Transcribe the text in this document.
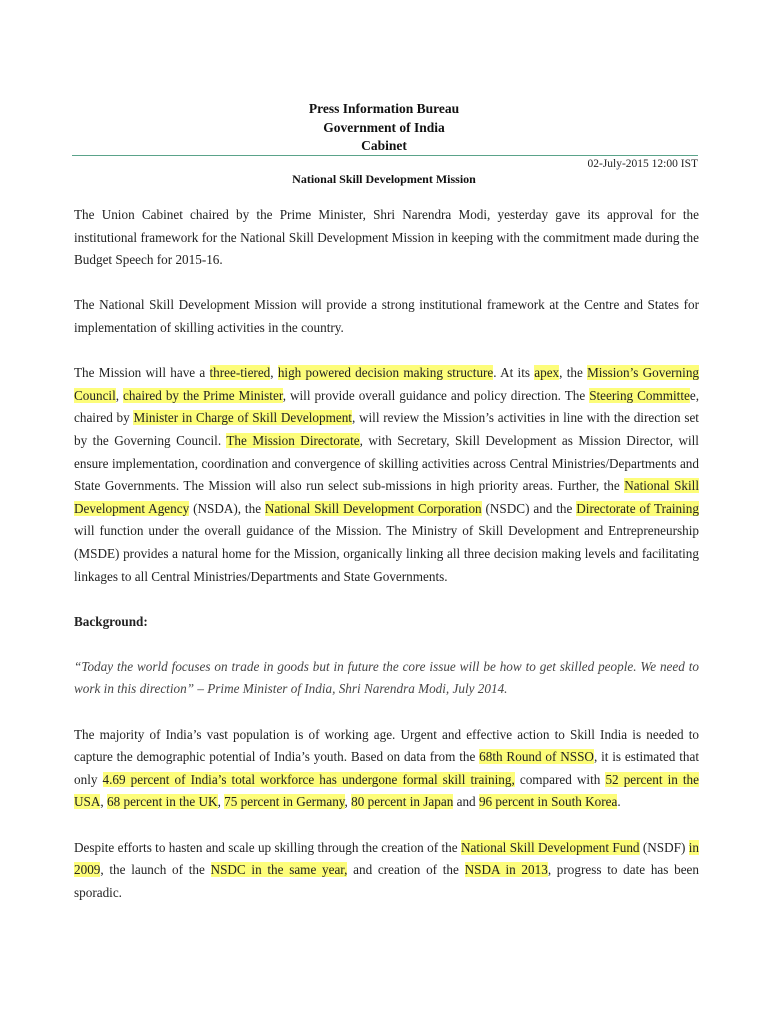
Press Information Bureau
Government of India
Cabinet
02-July-2015 12:00 IST
National Skill Development Mission

The Union Cabinet chaired by the Prime Minister, Shri Narendra Modi, yesterday gave its approval for the institutional framework for the National Skill Development Mission in keeping with the commitment made during the Budget Speech for 2015-16.

The National Skill Development Mission will provide a strong institutional framework at the Centre and States for implementation of skilling activities in the country.

The Mission will have a three-tiered, high powered decision making structure. At its apex, the Mission’s Governing Council, chaired by the Prime Minister, will provide overall guidance and policy direction. The Steering Committee, chaired by Minister in Charge of Skill Development, will review the Mission’s activities in line with the direction set by the Governing Council. The Mission Directorate, with Secretary, Skill Development as Mission Director, will ensure implementation, coordination and convergence of skilling activities across Central Ministries/Departments and State Governments. The Mission will also run select sub-missions in high priority areas. Further, the National Skill Development Agency (NSDA), the National Skill Development Corporation (NSDC) and the Directorate of Training will function under the overall guidance of the Mission. The Ministry of Skill Development and Entrepreneurship (MSDE) provides a natural home for the Mission, organically linking all three decision making levels and facilitating linkages to all Central Ministries/Departments and State Governments.

Background:

“Today the world focuses on trade in goods but in future the core issue will be how to get skilled people. We need to work in this direction” – Prime Minister of India, Shri Narendra Modi, July 2014.

The majority of India’s vast population is of working age. Urgent and effective action to Skill India is needed to capture the demographic potential of India’s youth. Based on data from the 68th Round of NSSO, it is estimated that only 4.69 percent of India’s total workforce has undergone formal skill training, compared with 52 percent in the USA, 68 percent in the UK, 75 percent in Germany, 80 percent in Japan and 96 percent in South Korea.

Despite efforts to hasten and scale up skilling through the creation of the National Skill Development Fund (NSDF) in 2009, the launch of the NSDC in the same year, and creation of the NSDA in 2013, progress to date has been sporadic.
